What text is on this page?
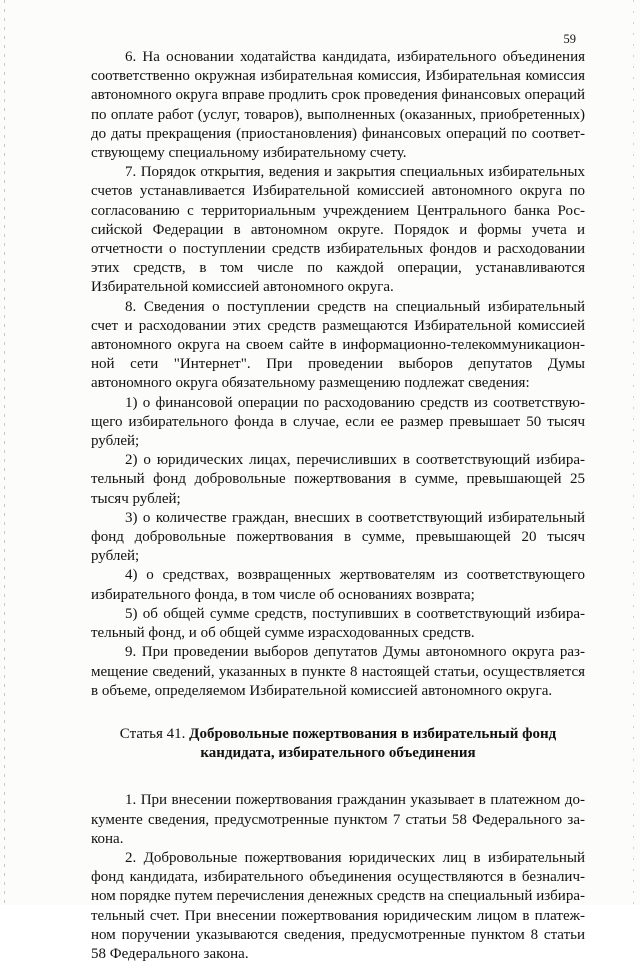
59

6. На основании ходатайства кандидата, избирательного объединения соответственно окружная избирательная комиссия, Избирательная комиссия автономного округа вправе продлить срок проведения финансовых операций по оплате работ (услуг, товаров), выполненных (оказанных, приобретенных) до даты прекращения (приостановления) финансовых операций по соответствующему специальному избирательному счету.

7. Порядок открытия, ведения и закрытия специальных избирательных счетов устанавливается Избирательной комиссией автономного округа по согласованию с территориальным учреждением Центрального банка Российской Федерации в автономном округе. Порядок и формы учета и отчетности о поступлении средств избирательных фондов и расходовании этих средств, в том числе по каждой операции, устанавливаются Избирательной комиссией автономного округа.

8. Сведения о поступлении средств на специальный избирательный счет и расходовании этих средств размещаются Избирательной комиссией автономного округа на своем сайте в информационно-телекоммуникационной сети "Интернет". При проведении выборов депутатов Думы автономного округа обязательному размещению подлежат сведения:

1) о финансовой операции по расходованию средств из соответствующего избирательного фонда в случае, если ее размер превышает 50 тысяч рублей;

2) о юридических лицах, перечисливших в соответствующий избирательный фонд добровольные пожертвования в сумме, превышающей 25 тысяч рублей;

3) о количестве граждан, внесших в соответствующий избирательный фонд добровольные пожертвования в сумме, превышающей 20 тысяч рублей;

4) о средствах, возвращенных жертвователям из соответствующего избирательного фонда, в том числе об основаниях возврата;

5) об общей сумме средств, поступивших в соответствующий избирательный фонд, и об общей сумме израсходованных средств.

9. При проведении выборов депутатов Думы автономного округа размещение сведений, указанных в пункте 8 настоящей статьи, осуществляется в объеме, определяемом Избирательной комиссией автономного округа.

Статья 41. Добровольные пожертвования в избирательный фонд

кандидата, избирательного объединения

1. При внесении пожертвования гражданин указывает в платежном документе сведения, предусмотренные пунктом 7 статьи 58 Федерального закона.

2. Добровольные пожертвования юридических лиц в избирательный фонд кандидата, избирательного объединения осуществляются в безналичном порядке путем перечисления денежных средств на специальный избирательный счет. При внесении пожертвования юридическим лицом в платежном поручении указываются сведения, предусмотренные пунктом 8 статьи 58 Федерального закона.
